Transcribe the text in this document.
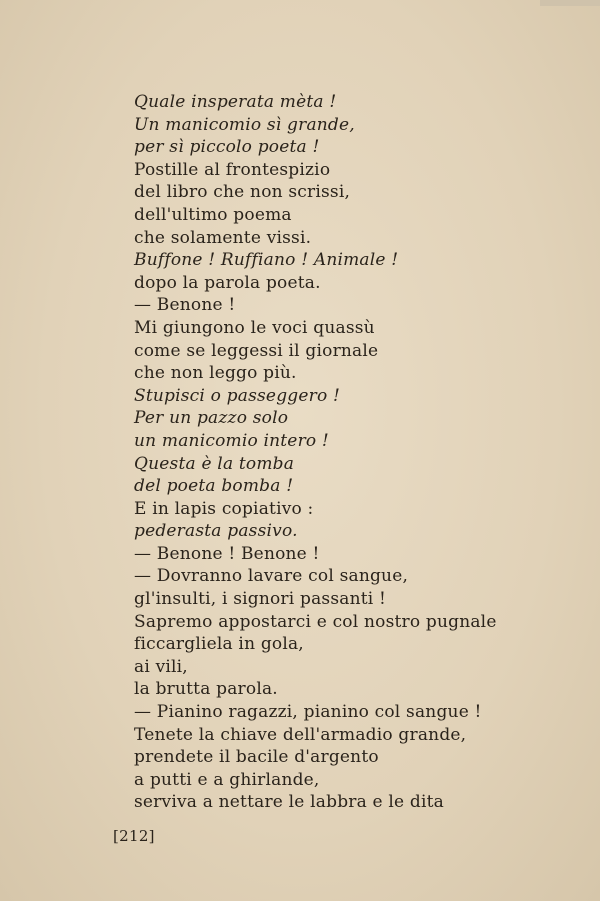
Quale insperata mèta !
Un manicomio sì grande,
per sì piccolo poeta !
Postille al frontespizio
del libro che non scrissi,
dell'ultimo poema
che solamente vissi.
Buffone ! Ruffiano ! Animale !
dopo la parola poeta.
— Benone !
Mi giungono le voci quassù
come se leggessi il giornale
che non leggo più.
Stupisci o passeggero !
Per un pazzo solo
un manicomio intero !
Questa è la tomba
del poeta bomba !
E in lapis copiativo :
pederasta passivo.
— Benone ! Benone !
— Dovranno lavare col sangue,
gl'insulti, i signori passanti !
Sapremo appostarci e col nostro pugnale
ficcargliela in gola,
ai vili,
la brutta parola.
— Pianino ragazzi, pianino col sangue !
Tenete la chiave dell'armadio grande,
prendete il bacile d'argento
a putti e a ghirlande,
serviva a nettare le labbra e le dita
[212]
